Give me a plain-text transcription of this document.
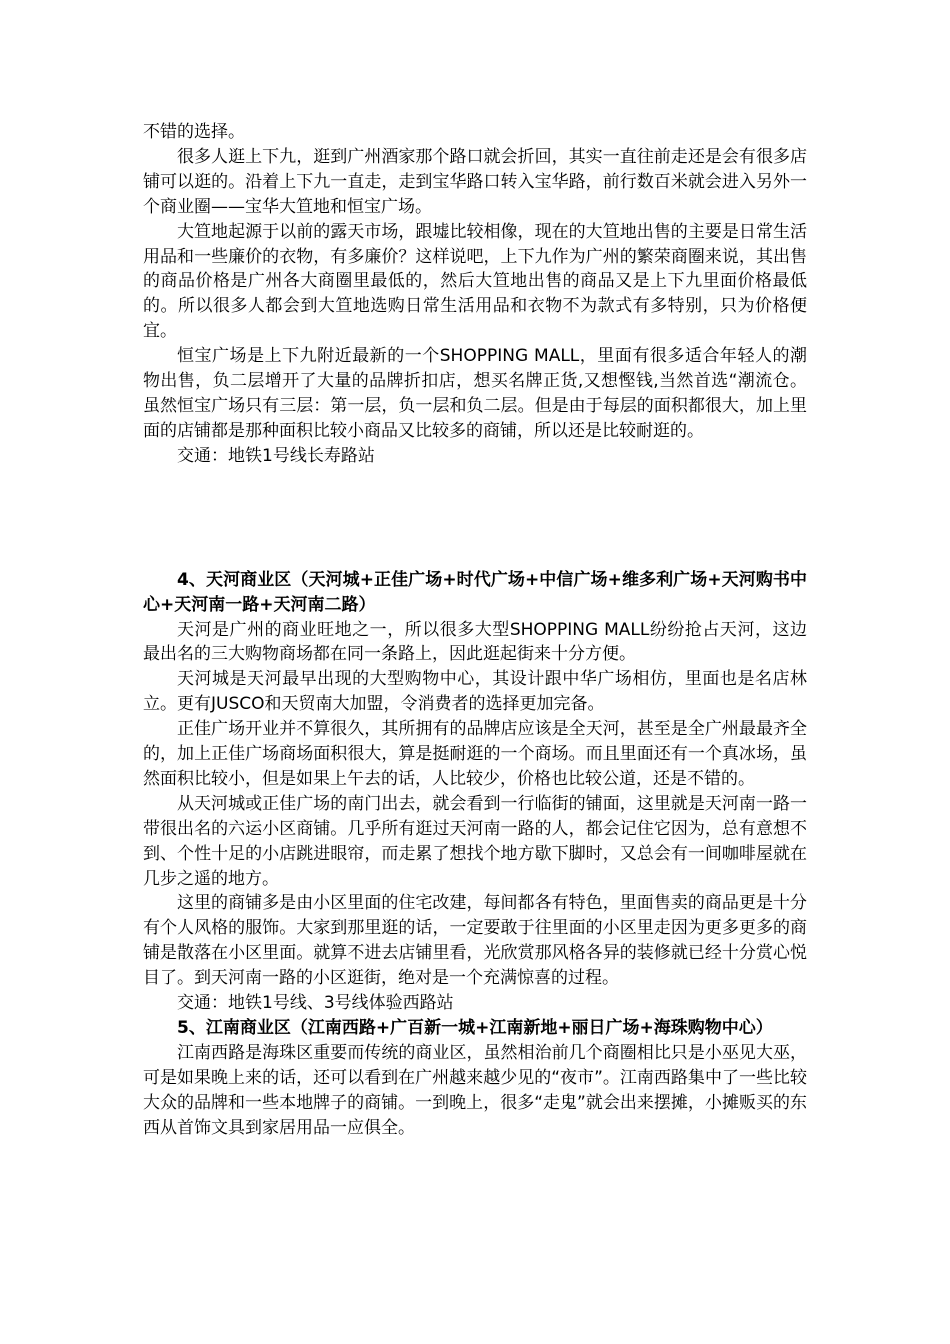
不错的选择。

很多人逛上下九，逛到广州酒家那个路口就会折回，其实一直往前走还是会有很多店铺可以逛的。沿着上下九一直走，走到宝华路口转入宝华路，前行数百米就会进入另外一个商业圈——宝华大笪地和恒宝广场。

大笪地起源于以前的露天市场，跟墟比较相像，现在的大笪地出售的主要是日常生活用品和一些廉价的衣物，有多廉价？这样说吧，上下九作为广州的繁荣商圈来说，其出售的商品价格是广州各大商圈里最低的，然后大笪地出售的商品又是上下九里面价格最低的。所以很多人都会到大笪地选购日常生活用品和衣物不为款式有多特别，只为价格便宜。

恒宝广场是上下九附近最新的一个SHOPPING MALL，里面有很多适合年轻人的潮物出售，负二层增开了大量的品牌折扣店，想买名牌正货,又想慳钱,当然首选“潮流仓。虽然恒宝广场只有三层：第一层，负一层和负二层。但是由于每层的面积都很大，加上里面的店铺都是那种面积比较小商品又比较多的商铺，所以还是比较耐逛的。

交通：地铁1号线长寿路站

4、天河商业区（天河城+正佳广场+时代广场+中信广场+维多利广场+天河购书中心+天河南一路+天河南二路）

天河是广州的商业旺地之一，所以很多大型SHOPPING MALL纷纷抢占天河，这边最出名的三大购物商场都在同一条路上，因此逛起街来十分方便。

天河城是天河最早出现的大型购物中心，其设计跟中华广场相仿，里面也是名店林立。更有JUSCO和天贸南大加盟，令消费者的选择更加完备。

正佳广场开业并不算很久，其所拥有的品牌店应该是全天河，甚至是全广州最最齐全的，加上正佳广场商场面积很大，算是挺耐逛的一个商场。而且里面还有一个真冰场，虽然面积比较小，但是如果上午去的话，人比较少，价格也比较公道，还是不错的。

从天河城或正佳广场的南门出去，就会看到一行临街的铺面，这里就是天河南一路一带很出名的六运小区商铺。几乎所有逛过天河南一路的人，都会记住它因为，总有意想不到、个性十足的小店跳进眼帘，而走累了想找个地方歇下脚时，又总会有一间咖啡屋就在几步之遥的地方。

这里的商铺多是由小区里面的住宅改建，每间都各有特色，里面售卖的商品更是十分有个人风格的服饰。大家到那里逛的话，一定要敢于往里面的小区里走因为更多更多的商铺是散落在小区里面。就算不进去店铺里看，光欣赏那风格各异的装修就已经十分赏心悦目了。到天河南一路的小区逛街，绝对是一个充满惊喜的过程。

交通：地铁1号线、3号线体验西路站

5、江南商业区（江南西路+广百新一城+江南新地+丽日广场+海珠购物中心）

江南西路是海珠区重要而传统的商业区，虽然相治前几个商圈相比只是小巫见大巫，可是如果晚上来的话，还可以看到在广州越来越少见的“夜市”。江南西路集中了一些比较大众的品牌和一些本地牌子的商铺。一到晚上，很多“走鬼”就会出来摆摊，小摊贩买的东西从首饰文具到家居用品一应俱全。
